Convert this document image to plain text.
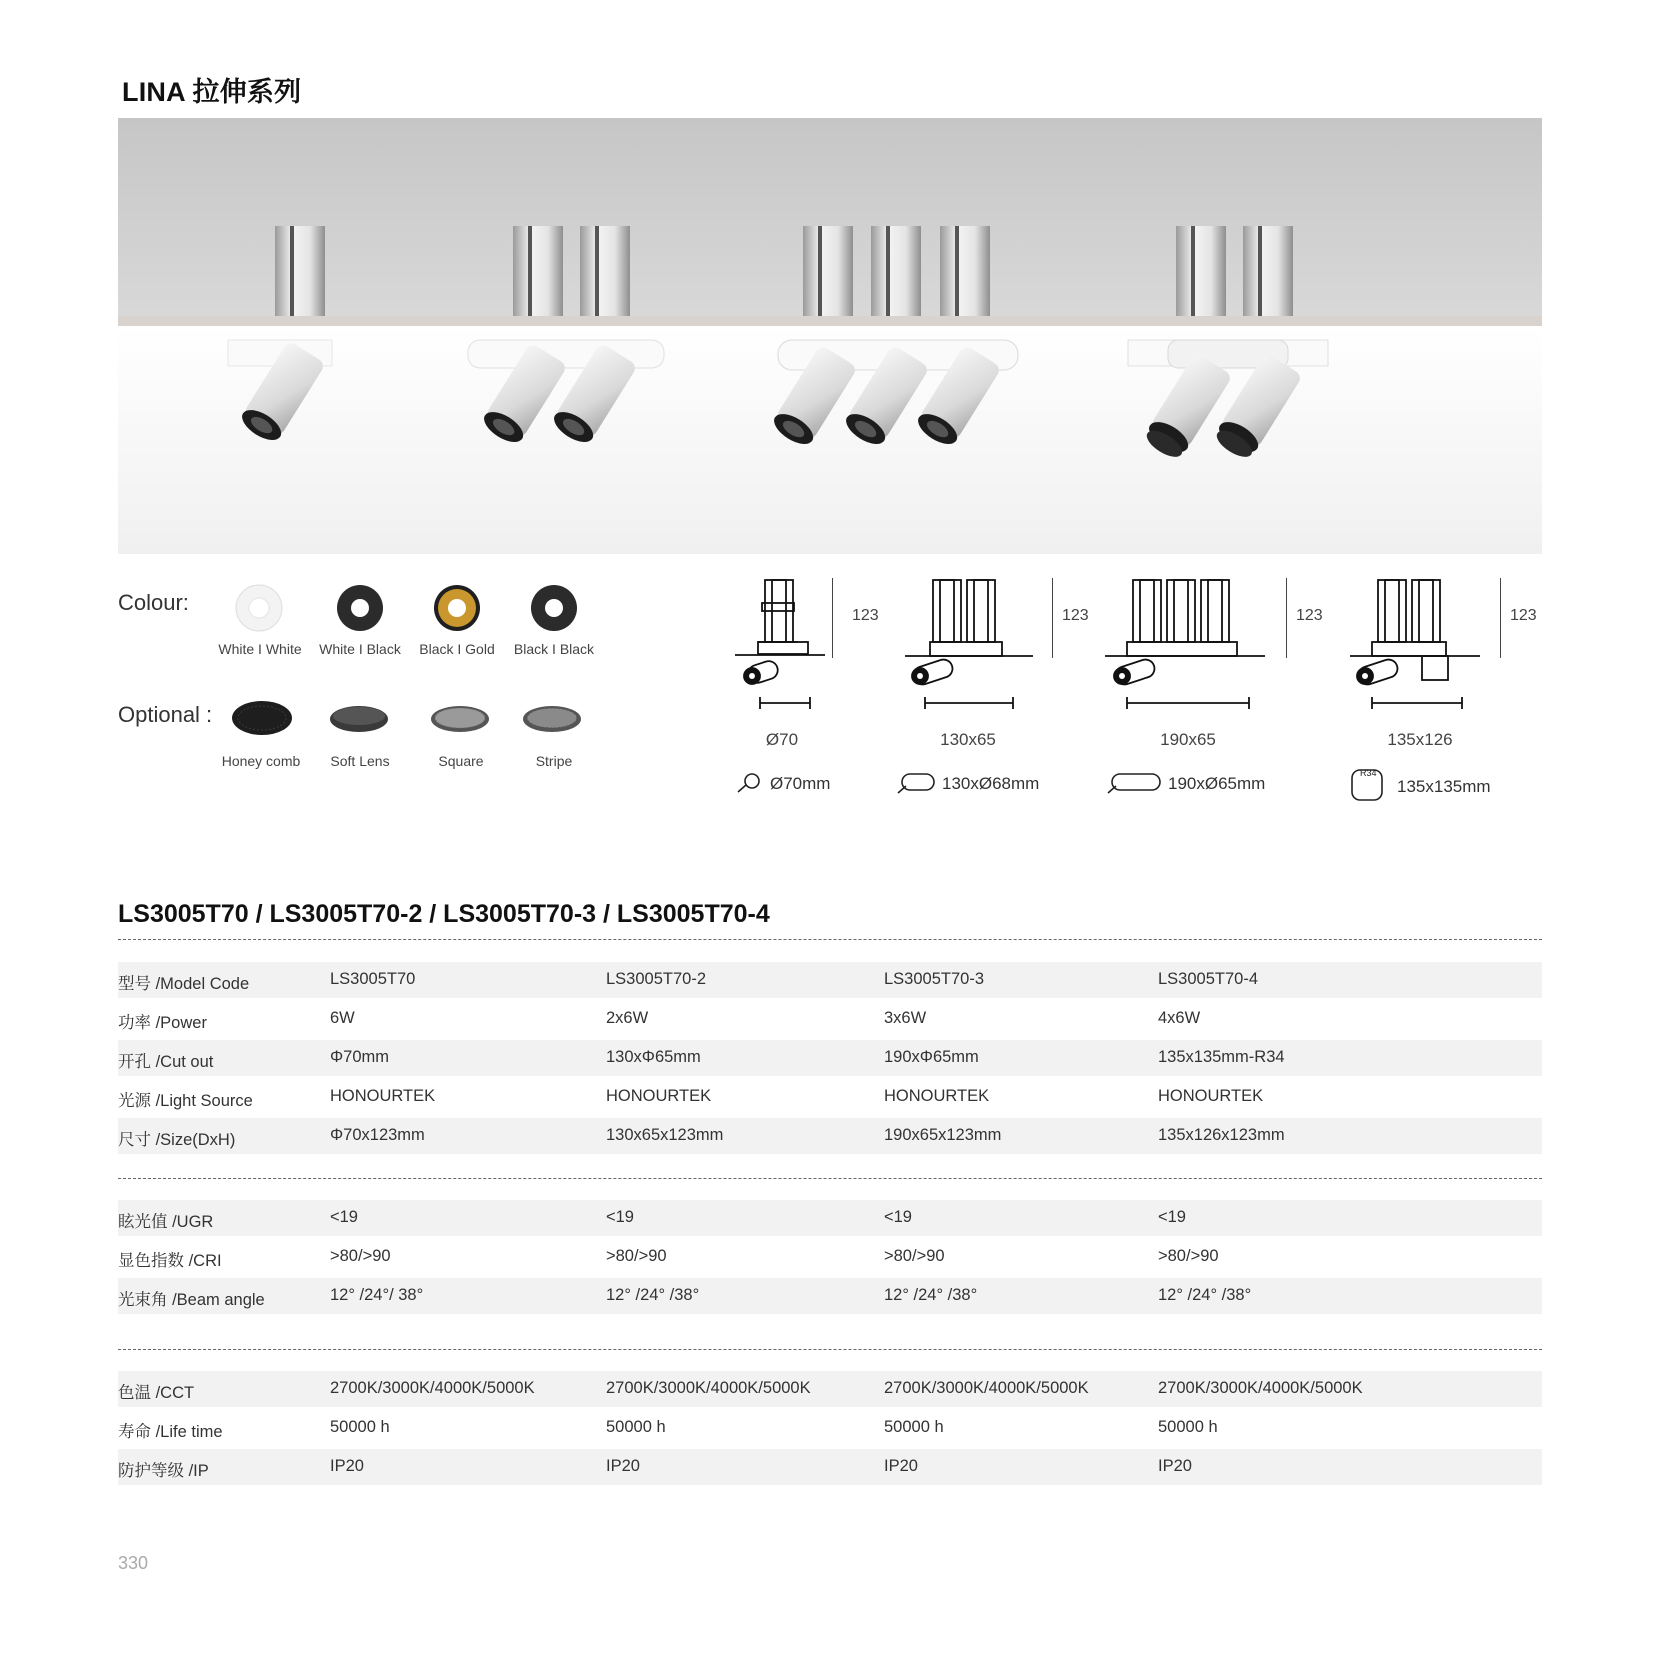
LINA 拉伸系列
Colour:
White I White	White I Black	Black I Gold	Black I Black
Optional :
Honey comb	Soft Lens	Square	Stripe
123
Ø70
123
130x65
123
190x65
123
135x126
Ø70mm	130xØ68mm	190xØ65mm
R34
135x135mm
LS3005T70 / LS3005T70-2 / LS3005T70-3 / LS3005T70-4
型号 /Model Code	LS3005T70	LS3005T70-2	LS3005T70-3	LS3005T70-4
功率 /Power	6W	2x6W	3x6W	4x6W
开孔 /Cut out	Φ70mm	130xΦ65mm	190xΦ65mm	135x135mm-R34
光源 /Light Source	HONOURTEK	HONOURTEK	HONOURTEK	HONOURTEK
尺寸 /Size(DxH)	Φ70x123mm	130x65x123mm	190x65x123mm	135x126x123mm
眩光值 /UGR	<19	<19	<19	<19
显色指数 /CRI	>80/>90	>80/>90	>80/>90	>80/>90
光束角 /Beam angle	12° /24°/ 38°	12° /24° /38°	12° /24° /38°	12° /24° /38°
色温 /CCT	2700K/3000K/4000K/5000K	2700K/3000K/4000K/5000K	2700K/3000K/4000K/5000K	2700K/3000K/4000K/5000K
寿命 /Life time	50000 h	50000 h	50000 h	50000 h
防护等级 /IP	IP20	IP20	IP20	IP20
330
